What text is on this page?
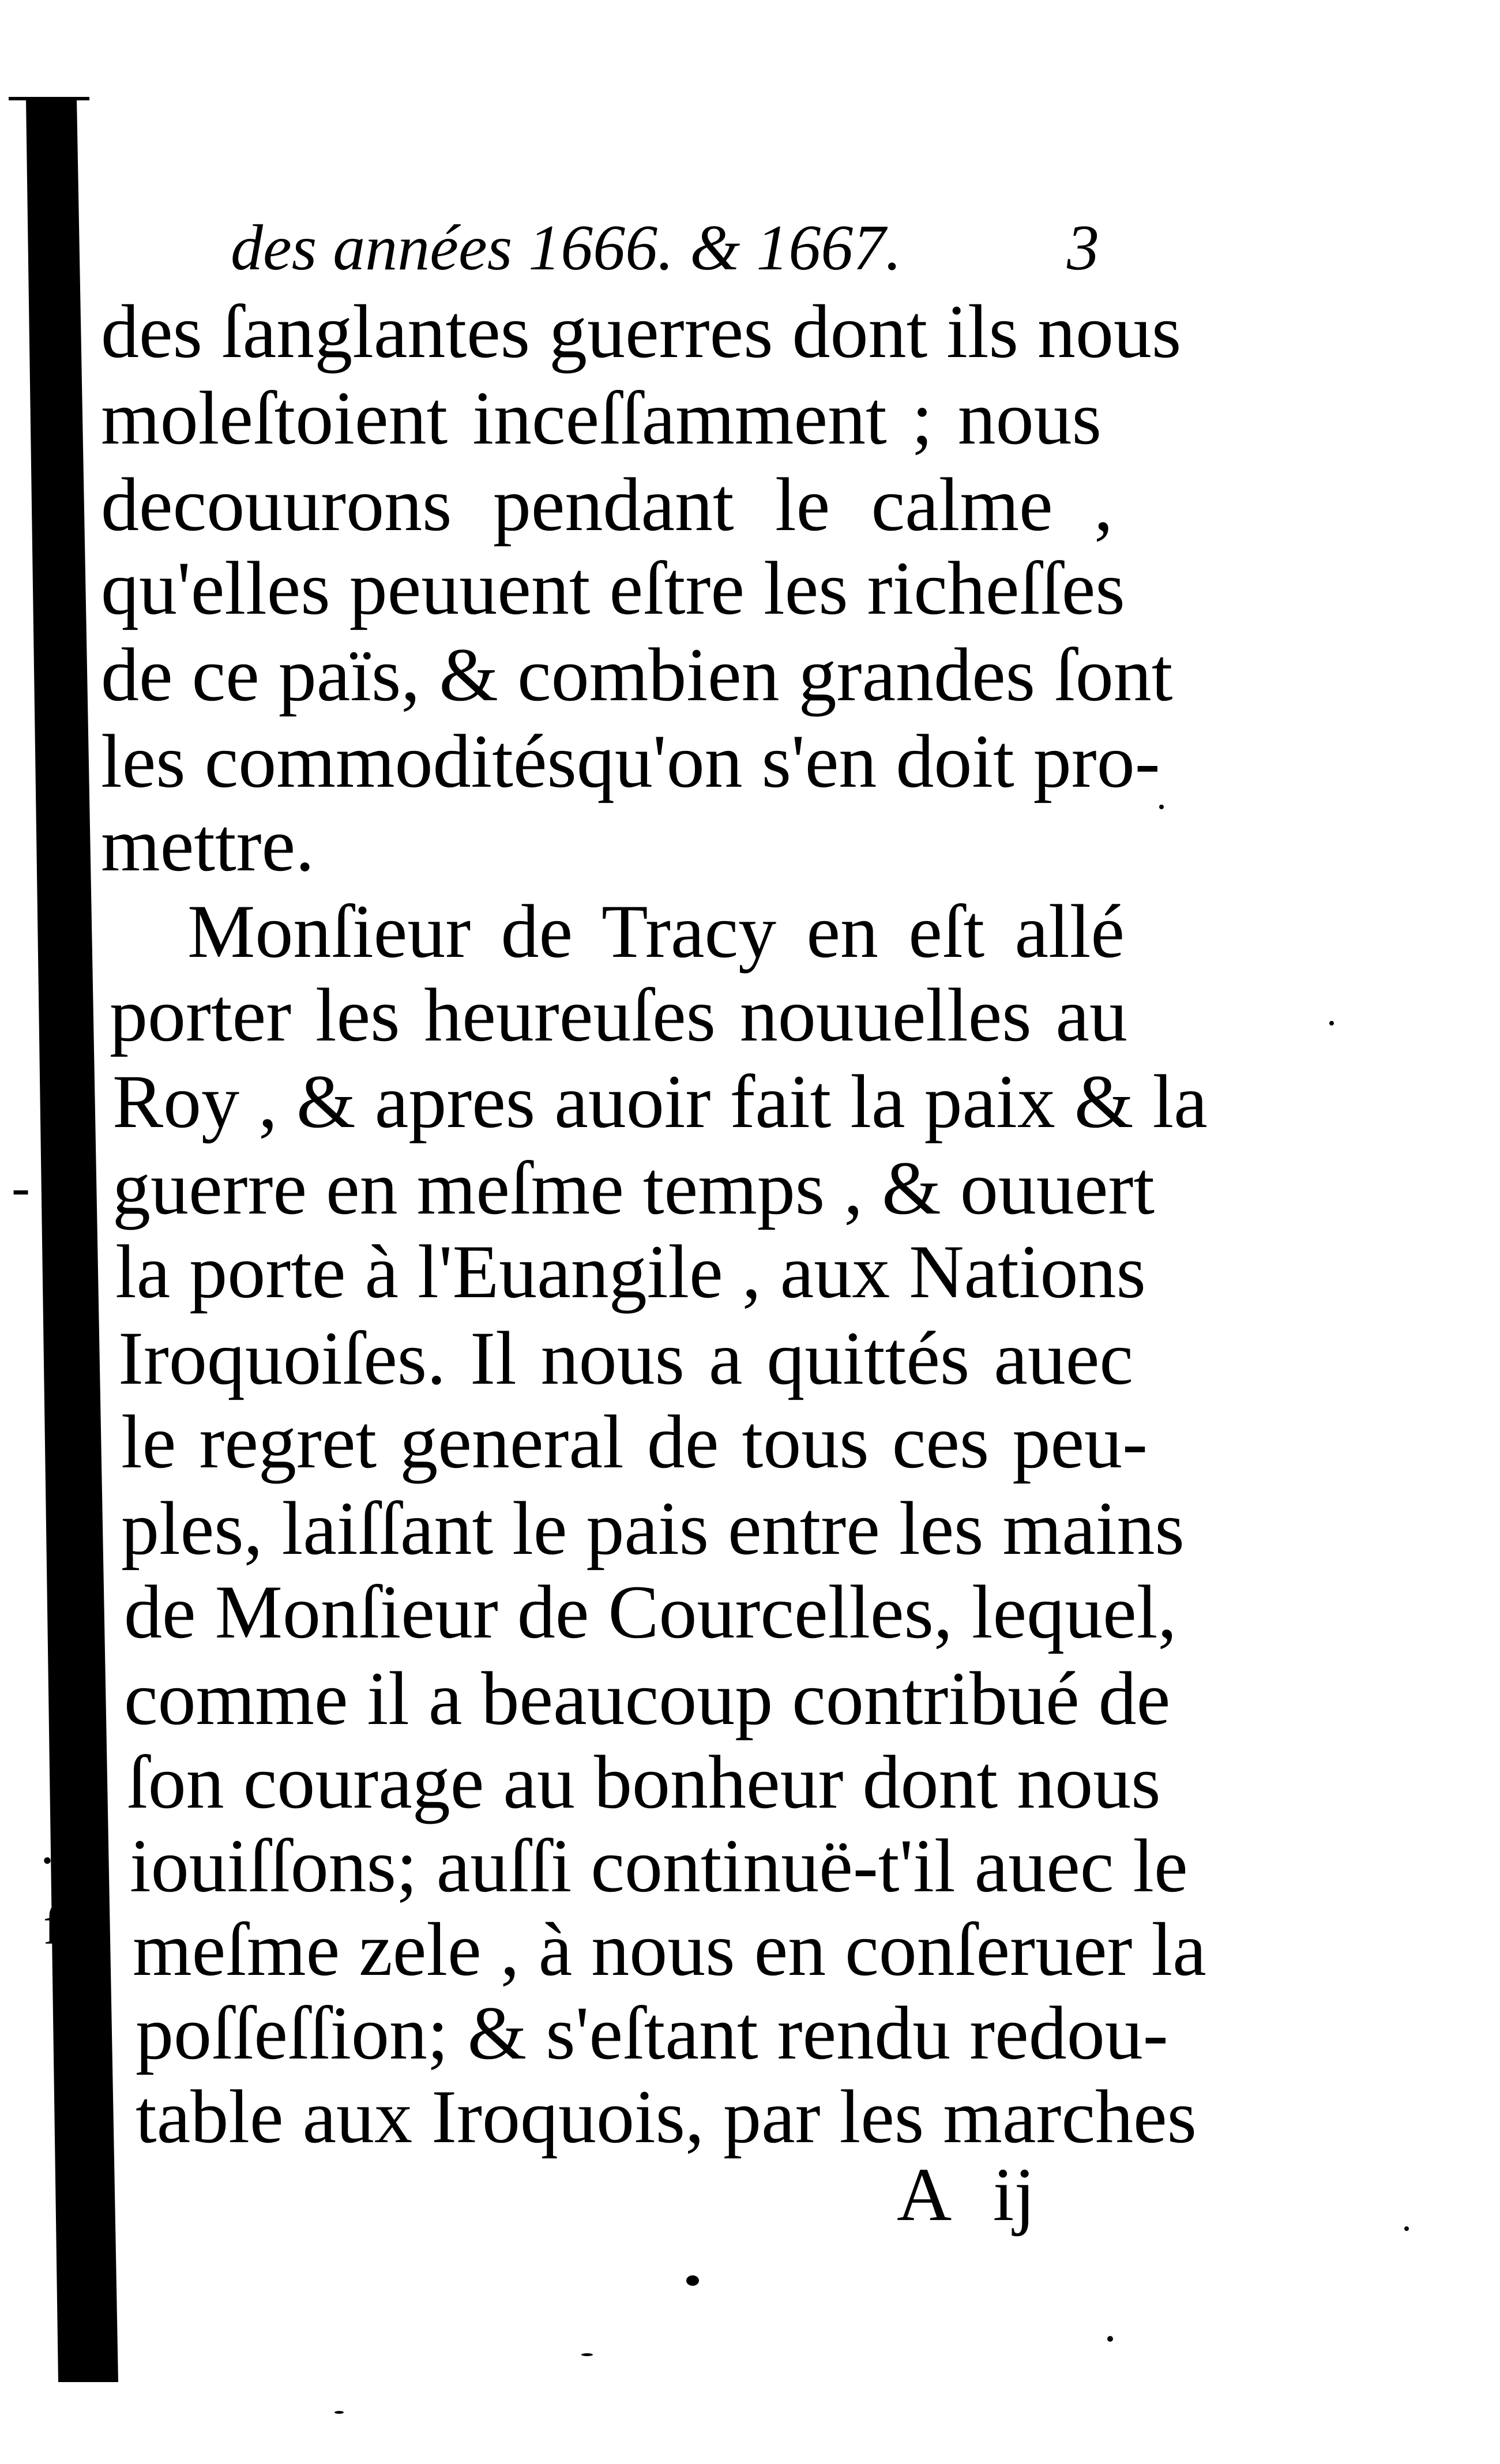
-
i
,
ɀ
-
ı
.s
f-
à
eu
des années 1666. & 1667.	3
des ſanglantes guerres dont ils nous
moleſtoient inceſſamment ; nous
decouurons pendant le calme ,
qu'elles peuuent eſtre les richeſſes
de ce païs, & combien grandes ſont
les commoditésqu'on s'en doit pro-
mettre.
Monſieur de Tracy en eſt allé
porter les heureuſes nouuelles au
Roy , & apres auoir fait la paix & la
guerre en meſme temps , & ouuert
la porte à l'Euangile , aux Nations
Iroquoiſes. Il nous a quittés auec
le regret general de tous ces peu-
ples, laiſſant le pais entre les mains
de Monſieur de Courcelles, lequel,
comme il a beaucoup contribué de
ſon courage au bonheur dont nous
iouiſſons; auſſi continuë-t'il auec le
meſme zele , à nous en conſeruer la
poſſeſſion; & s'eſtant rendu redou-
table aux Iroquois, par les marches
A ij
